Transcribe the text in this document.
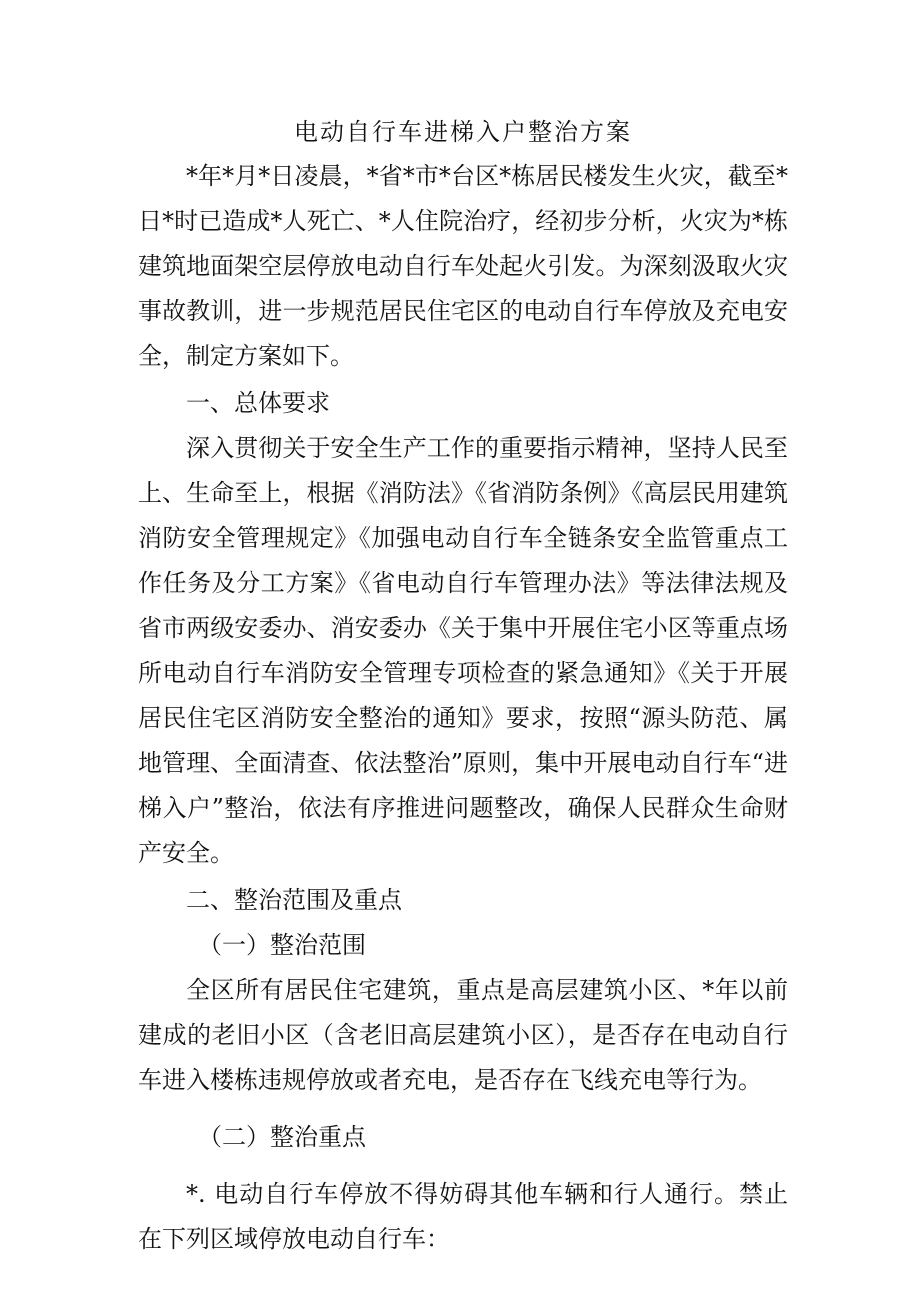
电动自行车进梯入户整治方案

*年*月*日凌晨，*省*市*台区*栋居民楼发生火灾，截至*日*时已造成*人死亡、*人住院治疗，经初步分析，火灾为*栋建筑地面架空层停放电动自行车处起火引发。为深刻汲取火灾事故教训，进一步规范居民住宅区的电动自行车停放及充电安全，制定方案如下。

一、总体要求

深入贯彻关于安全生产工作的重要指示精神，坚持人民至上、生命至上，根据《消防法》《省消防条例》《高层民用建筑消防安全管理规定》《加强电动自行车全链条安全监管重点工作任务及分工方案》《省电动自行车管理办法》等法律法规及省市两级安委办、消安委办《关于集中开展住宅小区等重点场所电动自行车消防安全管理专项检查的紧急通知》《关于开展居民住宅区消防安全整治的通知》要求，按照“源头防范、属地管理、全面清查、依法整治”原则，集中开展电动自行车“进梯入户”整治，依法有序推进问题整改，确保人民群众生命财产安全。

二、整治范围及重点

（一）整治范围

全区所有居民住宅建筑，重点是高层建筑小区、*年以前建成的老旧小区（含老旧高层建筑小区），是否存在电动自行车进入楼栋违规停放或者充电，是否存在飞线充电等行为。

（二）整治重点

*. 电动自行车停放不得妨碍其他车辆和行人通行。禁止在下列区域停放电动自行车：
